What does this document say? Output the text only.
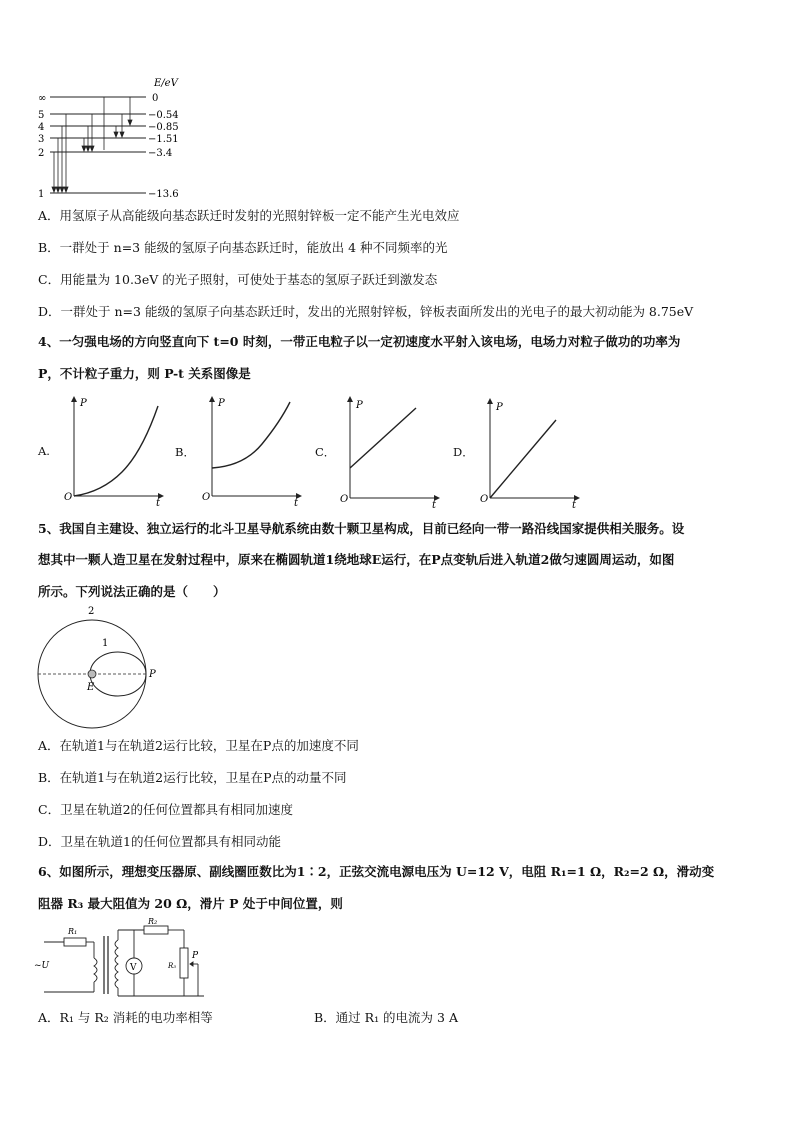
E/eV
∞
5
4
3
2
1
0
−0.54
−0.85
−1.51
−3.4
−13.6
A．用氢原子从高能级向基态跃迁时发射的光照射锌板一定不能产生光电效应
B．一群处于 n=3 能级的氢原子向基态跃迁时，能放出 4 种不同频率的光
C．用能量为 10.3eV 的光子照射，可使处于基态的氢原子跃迁到激发态
D．一群处于 n=3 能级的氢原子向基态跃迁时，发出的光照射锌板，锌板表面所发出的光电子的最大初动能为 8.75eV
4、一匀强电场的方向竖直向下 t=0 时刻，一带正电粒子以一定初速度水平射入该电场，电场力对粒子做功的功率为
P，不计粒子重力，则 P-t 关系图像是
A.
P
t
O
B．
P
t
O
C．
P
t
O
D．
P
t
O
5、我国自主建设、独立运行的北斗卫星导航系统由数十颗卫星构成，目前已经向一带一路沿线国家提供相关服务。设
想其中一颗人造卫星在发射过程中，原来在椭圆轨道1绕地球E运行，在P点变轨后进入轨道2做匀速圆周运动，如图
所示。下列说法正确的是（　　）
2
1
E
P
A．在轨道1与在轨道2运行比较，卫星在P点的加速度不同
B．在轨道1与在轨道2运行比较，卫星在P点的动量不同
C．卫星在轨道2的任何位置都具有相同加速度
D．卫星在轨道1的任何位置都具有相同动能
6、如图所示，理想变压器原、副线圈匝数比为1∶2，正弦交流电源电压为 U=12 V，电阻 R₁=1 Ω，R₂=2 Ω，滑动变
阻器 R₃ 最大阻值为 20 Ω，滑片 P 处于中间位置，则
R₁
~U	V
R₂
R₃
P
A．R₁ 与 R₂ 消耗的电功率相等	B．通过 R₁ 的电流为 3 A
